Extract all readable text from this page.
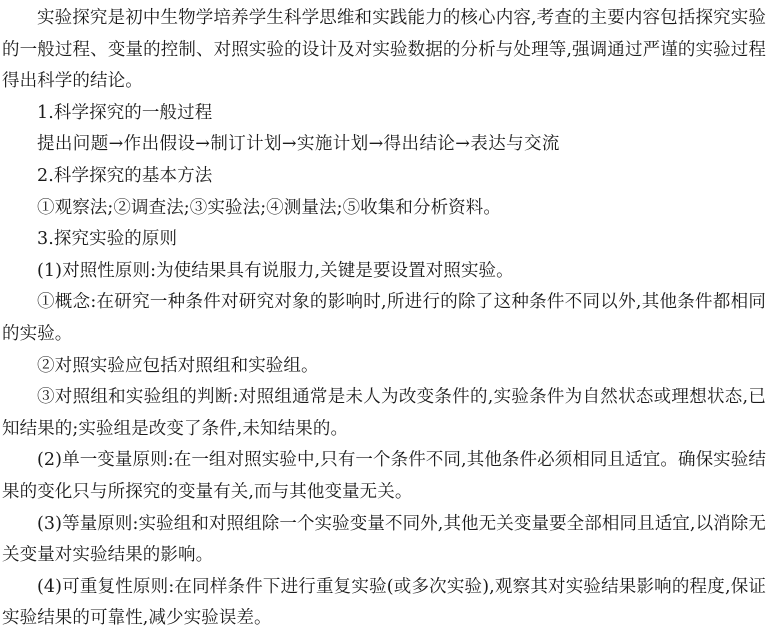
实验探究是初中生物学培养学生科学思维和实践能力的核心内容,考查的主要内容包括探究实验的一般过程、变量的控制、对照实验的设计及对实验数据的分析与处理等,强调通过严谨的实验过程得出科学的结论。

1.科学探究的一般过程

提出问题→作出假设→制订计划→实施计划→得出结论→表达与交流

2.科学探究的基本方法

①观察法;②调查法;③实验法;④测量法;⑤收集和分析资料。

3.探究实验的原则

(1)对照性原则:为使结果具有说服力,关键是要设置对照实验。

①概念:在研究一种条件对研究对象的影响时,所进行的除了这种条件不同以外,其他条件都相同的实验。

②对照实验应包括对照组和实验组。

③对照组和实验组的判断:对照组通常是未人为改变条件的,实验条件为自然状态或理想状态,已知结果的;实验组是改变了条件,未知结果的。

(2)单一变量原则:在一组对照实验中,只有一个条件不同,其他条件必须相同且适宜。确保实验结果的变化只与所探究的变量有关,而与其他变量无关。

(3)等量原则:实验组和对照组除一个实验变量不同外,其他无关变量要全部相同且适宜,以消除无关变量对实验结果的影响。

(4)可重复性原则:在同样条件下进行重复实验(或多次实验),观察其对实验结果影响的程度,保证实验结果的可靠性,减少实验误差。
